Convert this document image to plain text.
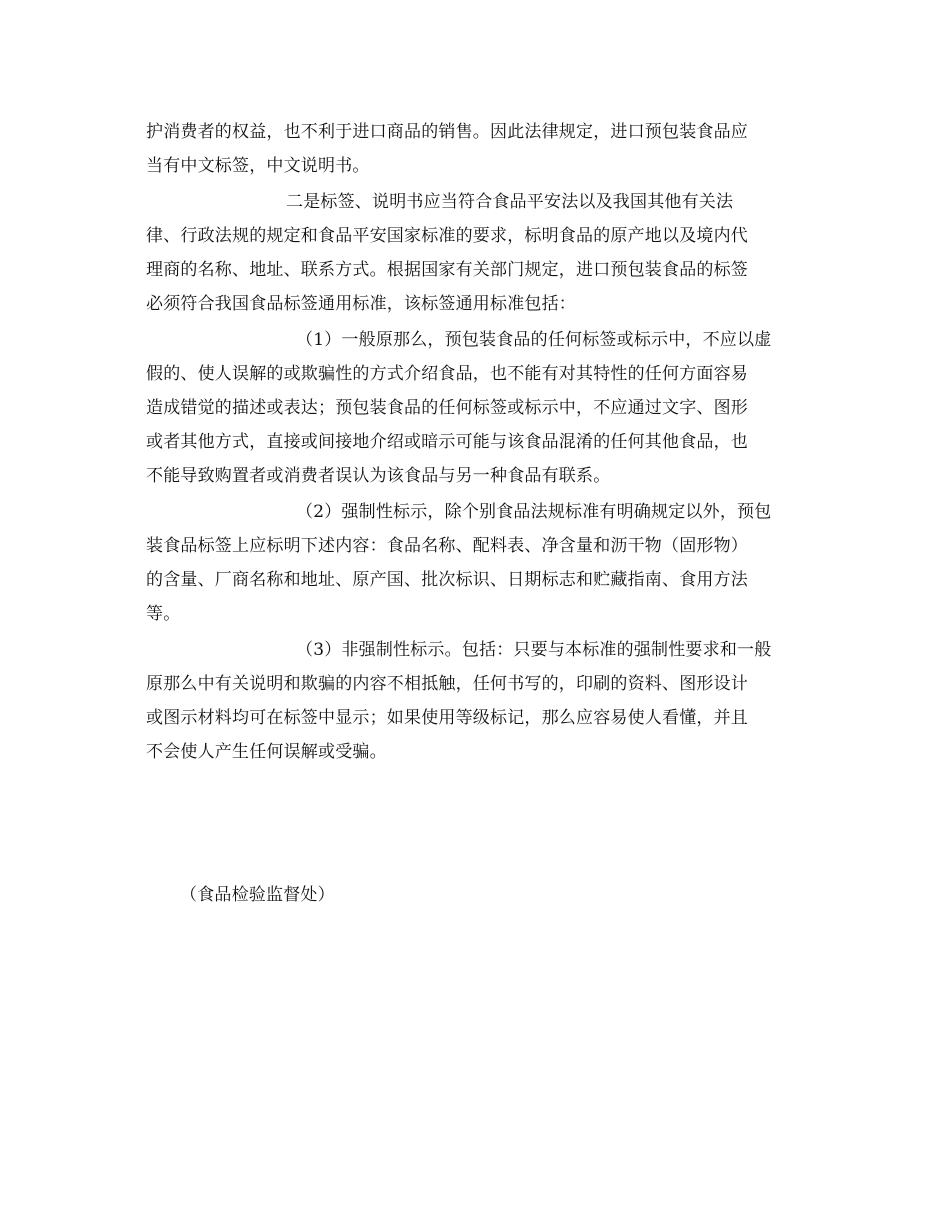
护消费者的权益，也不利于进口商品的销售。因此法律规定，进口预包装食品应
当有中文标签，中文说明书。
二是标签、说明书应当符合食品平安法以及我国其他有关法
律、行政法规的规定和食品平安国家标准的要求，标明食品的原产地以及境内代
理商的名称、地址、联系方式。根据国家有关部门规定，进口预包装食品的标签
必须符合我国食品标签通用标准，该标签通用标准包括：
（1）一般原那么，预包装食品的任何标签或标示中，不应以虚
假的、使人误解的或欺骗性的方式介绍食品，也不能有对其特性的任何方面容易
造成错觉的描述或表达；预包装食品的任何标签或标示中，不应通过文字、图形
或者其他方式，直接或间接地介绍或暗示可能与该食品混淆的任何其他食品，也
不能导致购置者或消费者误认为该食品与另一种食品有联系。
（2）强制性标示，除个别食品法规标准有明确规定以外，预包
装食品标签上应标明下述内容：食品名称、配料表、净含量和沥干物（固形物）
的含量、厂商名称和地址、原产国、批次标识、日期标志和贮藏指南、食用方法
等。
（3）非强制性标示。包括：只要与本标准的强制性要求和一般
原那么中有关说明和欺骗的内容不相抵触，任何书写的，印刷的资料、图形设计
或图示材料均可在标签中显示；如果使用等级标记，那么应容易使人看懂，并且
不会使人产生任何误解或受骗。
（食品检验监督处）
